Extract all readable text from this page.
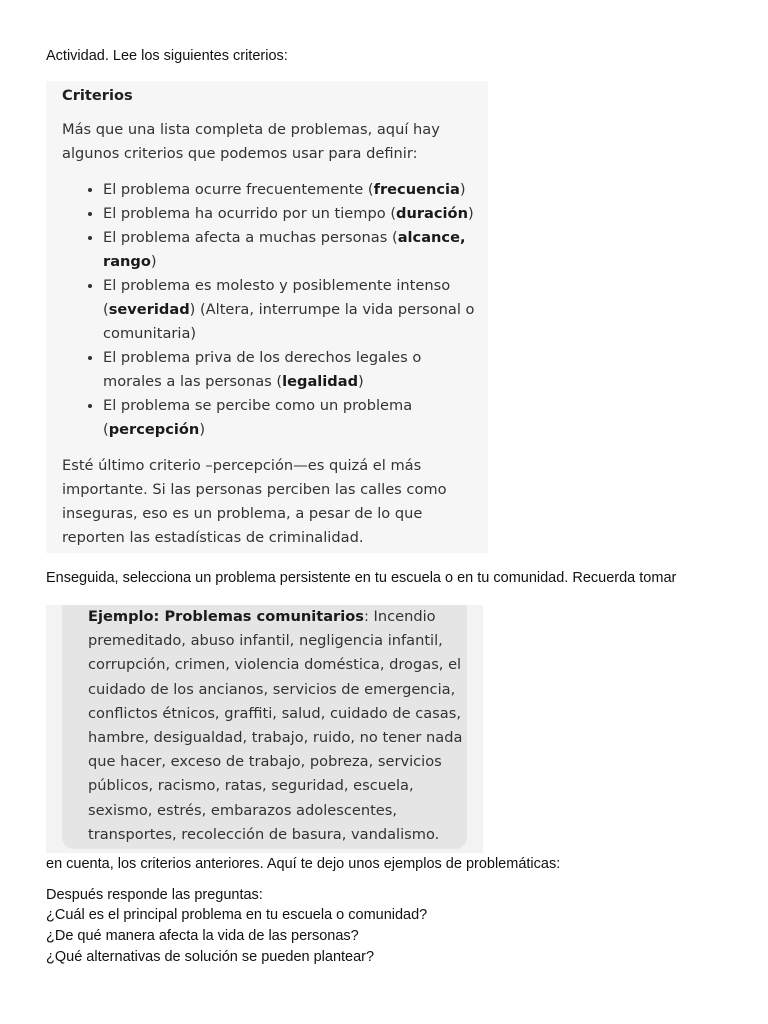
Actividad. Lee los siguientes criterios:
Criterios

Más que una lista completa de problemas, aquí hay

algunos criterios que podemos usar para definir:

• El problema ocurre frecuentemente (frecuencia)
• El problema ha ocurrido por un tiempo (duración)
• El problema afecta a muchas personas (alcance,
rango)
• El problema es molesto y posiblemente intenso
(severidad) (Altera, interrumpe la vida personal o
comunitaria)
• El problema priva de los derechos legales o
morales a las personas (legalidad)
• El problema se percibe como un problema
(percepción)

Esté último criterio –percepción—es quizá el más

importante. Si las personas perciben las calles como

inseguras, eso es un problema, a pesar de lo que

reporten las estadísticas de criminalidad.

Enseguida, selecciona un problema persistente en tu escuela o en tu comunidad. Recuerda tomar
Ejemplo: Problemas comunitarios: Incendio
premeditado, abuso infantil, negligencia infantil,
corrupción, crimen, violencia doméstica, drogas, el
cuidado de los ancianos, servicios de emergencia,
conflictos étnicos, graffiti, salud, cuidado de casas,
hambre, desigualdad, trabajo, ruido, no tener nada
que hacer, exceso de trabajo, pobreza, servicios
públicos, racismo, ratas, seguridad, escuela,
sexismo, estrés, embarazos adolescentes,
transportes, recolección de basura, vandalismo.
en cuenta, los criterios anteriores. Aquí te dejo unos ejemplos de problemáticas:
Después responde las preguntas:
¿Cuál es el principal problema en tu escuela o comunidad?
¿De qué manera afecta la vida de las personas?
¿Qué alternativas de solución se pueden plantear?
